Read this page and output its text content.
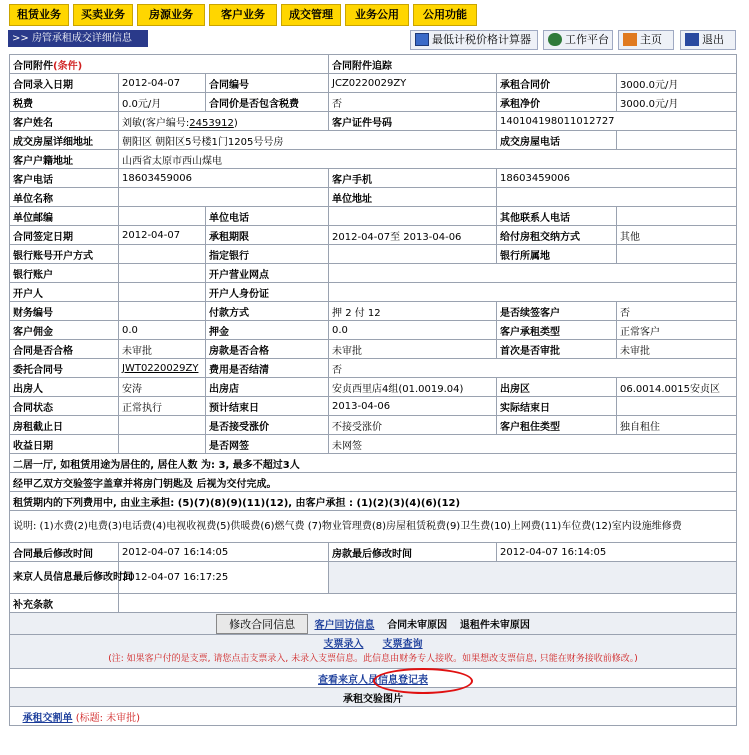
租赁业务	买卖业务	房源业务	客户业务	成交管理	业务公用	公用功能
>> 房管承租成交详细信息	最低计税价格计算器	工作平台	主页	退出
合同附件(条件)			合同附件追踪		
合同录入日期	2012-04-07	合同编号	JCZ0220029ZY	承租合同价	3000.0元/月
税费	0.0元/月	合同价是否包含税费	否	承租净价	3000.0元/月
客户姓名	刘敏(客户编号:2453912)		客户证件号码	140104198011012727	
成交房屋详细地址	朝阳区 朝阳区5号楼1门1205号号房			成交房屋电话	
客户户籍地址	山西省太原市西山煤电				
客户电话	18603459006		客户手机	18603459006	
单位名称			单位地址		
单位邮编		单位电话		其他联系人电话	
合同签定日期	2012-04-07	承租期限	2012-04-07至 2013-04-06	给付房租交纳方式	其他
银行账号开户方式		指定银行		银行所属地	
银行账户		开户营业网点			
开户人		开户人身份证			
财务编号		付款方式	押 2 付 12	是否续签客户	否
客户佣金	0.0	押金	0.0	客户承租类型	正常客户
合同是否合格	未审批	房款是否合格	未审批	首次是否审批	未审批
委托合同号	JWT0220029ZY	费用是否结清	否		
出房人	安涛	出房店	安贞西里店4组(01.0019.04)	出房区	06.0014.0015安贞区
合同状态	正常执行	预计结束日	2013-04-06	实际结束日	
房租截止日		是否接受涨价	不接受涨价	客户租住类型	独自租住
收益日期		是否网签	未网签		
二居一厅, 如租赁用途为居住的, 居住人数 为: 3, 最多不超过3人					
经甲乙双方交验签字盖章并将房门钥匙及 后视为交付完成。					
租赁期内的下列费用中, 由业主承担: (5)(7)(8)(9)(11)(12), 由客户承担 : (1)(2)(3)(4)(6)(12)					
说明: (1)水费(2)电费(3)电话费(4)电视收视费(5)供暖费(6)燃气费 (7)物业管理费(8)房屋租赁税费(9)卫生费(10)上网费(11)车位费(12)室内设施维修费					
合同最后修改时间	2012-04-07 16:14:05		房款最后修改时间	2012-04-07 16:14:05	
来京人员信息最后修改时间	2012-04-07 16:17:25				
补充条款					
修改合同信息 客户回访信息 合同未审原因 退租件未审原因					
支票录入 支票查询
(注: 如果客户付的是支票, 请您点击支票录入, 未录入支票信息。此信息由财务专人接收。如果想改支票信息, 只能在财务接收前修改。)					
查看来京人员信息登记表					
承租交验图片					
承租交割单 (标题: 未审批)					
